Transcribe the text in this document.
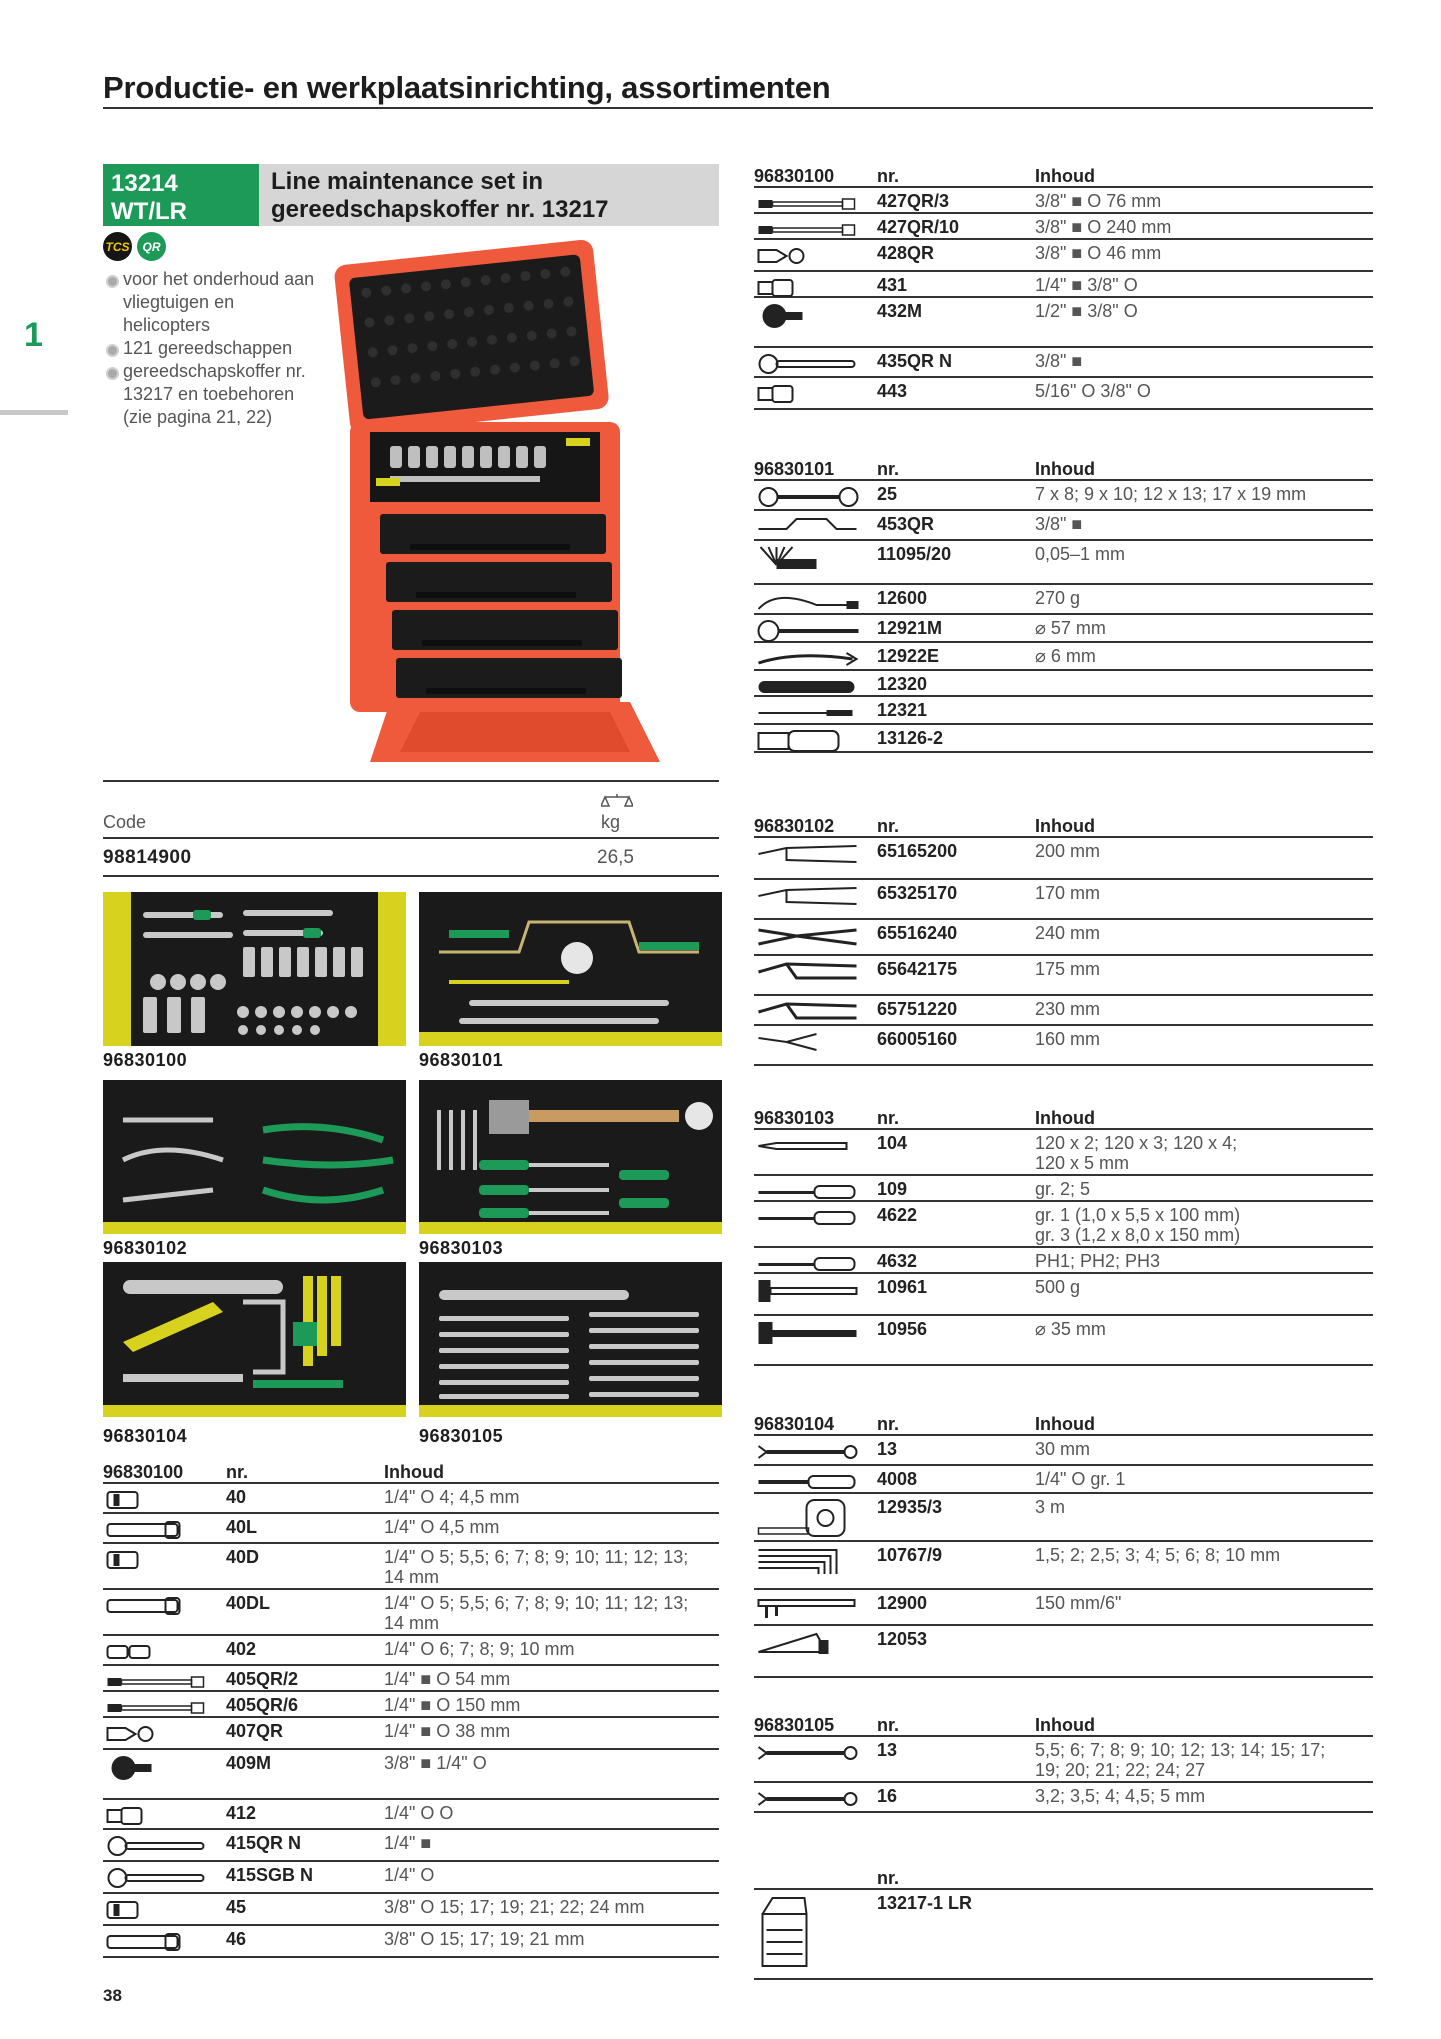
Productie- en werkplaatsinrichting, assortimenten
1
13214 WT/LR
Line maintenance set in gereedschapskoffer nr. 13217
TCS	QR
voor het onderhoud aan vliegtuigen en helicopters
121 gereedschappen
gereedschapskoffer nr. 13217 en toebehoren (zie pagina 21, 22)
Code	kg
98814900	26,5
96830100	96830101
96830102	96830103
96830104	96830105
96830100 nr.	Inhoud
40	1/4" O 4; 4,5 mm
40L	1/4" O 4,5 mm
40D	1/4" O 5; 5,5; 6; 7; 8; 9; 10; 11; 12; 13;
14 mm
40DL	1/4" O 5; 5,5; 6; 7; 8; 9; 10; 11; 12; 13;
14 mm
402	1/4" O 6; 7; 8; 9; 10 mm
405QR/2	1/4" ■ O 54 mm
405QR/6	1/4" ■ O 150 mm
407QR	1/4" ■ O 38 mm
409M	3/8" ■ 1/4" O
412	1/4" O O
415QR N	1/4" ■
415SGB N	1/4" O
45	3/8" O 15; 17; 19; 21; 22; 24 mm
46	3/8" O 15; 17; 19; 21 mm
96830100 nr.	Inhoud
427QR/3	3/8" ■ O 76 mm
427QR/10	3/8" ■ O 240 mm
428QR	3/8" ■ O 46 mm
431	1/4" ■ 3/8" O
432M	1/2" ■ 3/8" O
435QR N	3/8" ■
443	5/16" O 3/8" O
96830101 nr.	Inhoud
25	7 x 8; 9 x 10; 12 x 13; 17 x 19 mm
453QR	3/8" ■
11095/20	0,05–1 mm
12600	270 g
12921M	⌀ 57 mm
12922E	⌀ 6 mm
12320
12321
13126-2
96830102 nr.	Inhoud
65165200	200 mm
65325170	170 mm
65516240	240 mm
65642175	175 mm
65751220	230 mm
66005160	160 mm
96830103 nr.	Inhoud
104	120 x 2; 120 x 3; 120 x 4;
120 x 5 mm
109	gr. 2; 5
4622	gr. 1 (1,0 x 5,5 x 100 mm)
gr. 3 (1,2 x 8,0 x 150 mm)
4632	PH1; PH2; PH3
10961	500 g
10956	⌀ 35 mm
96830104 nr.	Inhoud
13	30 mm
4008	1/4" O gr. 1
12935/3	3 m
10767/9	1,5; 2; 2,5; 3; 4; 5; 6; 8; 10 mm
12900	150 mm/6"
12053
96830105 nr.	Inhoud
13	5,5; 6; 7; 8; 9; 10; 12; 13; 14; 15; 17;
19; 20; 21; 22; 24; 27
16	3,2; 3,5; 4; 4,5; 5 mm
nr.
13217-1 LR
38
